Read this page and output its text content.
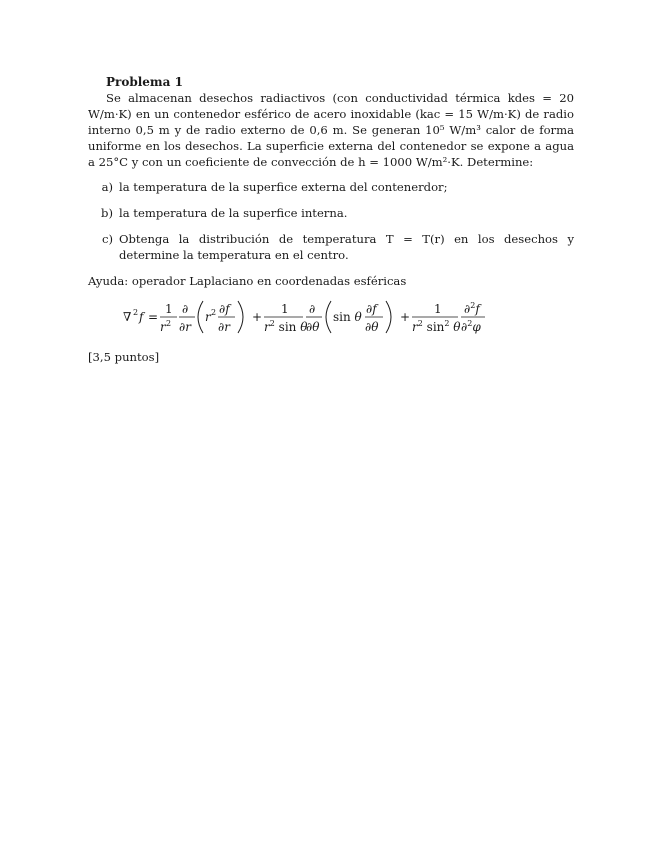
Problema 1

Se almacenan desechos radiactivos (con conductividad térmica kdes = 20 W/m·K) en un contenedor esférico de acero inoxidable (kac = 15 W/m·K) de radio interno 0,5 m y de radio externo de 0,6 m. Se generan 10⁵ W/m³ calor de forma uniforme en los desechos. La superficie externa del contenedor se expone a agua a 25°C y con un coeficiente de convección de h = 1000 W/m²·K. Determine:

a) la temperatura de la superfice externa del contenerdor;
b) la temperatura de la superfice interna.
c) Obtenga la distribución de temperatura T = T(r) en los desechos y determine la temperatura en el centro.
Ayuda: operador Laplaciano en coordenadas esféricas
∇ 2 f =
1
r 2
∂
∂r
r 2 ∂f
∂r
+
1
$r^2$ sin θ
∂
∂θ
sin θ
∂f
∂θ
+
1
$r^2$ $\sin^2 \theta$
∂$^2$f
∂$^2$φ
[3,5 puntos]
